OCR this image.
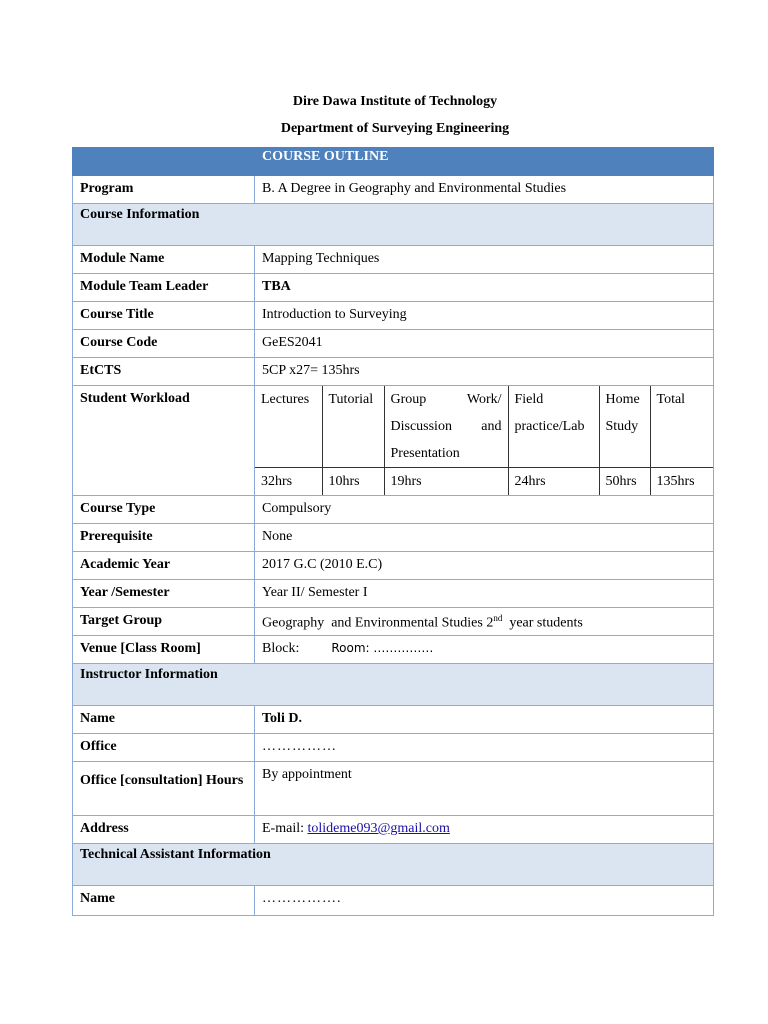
Dire Dawa Institute of Technology
Department of Surveying Engineering
	COURSE OUTLINE
Program	B. A Degree in Geography and Environmental Studies
Course Information
Module Name	Mapping Techniques
Module Team Leader	TBA
Course Title	Introduction to Surveying
Course Code	GeES2041
EtCTS	5CP x27= 135hrs
Student Workload		Lectures	Tutorial	Group Work/ Discussion and Presentation	Field practice/Lab	Home Study	Total
32hrs	10hrs	19hrs	24hrs	50hrs	135hrs

Course Type	Compulsory
Prerequisite	None
Academic Year	2017 G.C (2010 E.C)
Year /Semester	Year II/ Semester I
Target Group	Geography  and Environmental Studies 2nd  year students
Venue [Class Room]	Block:	Room: ……………
Instructor Information
Name	Toli D.
Office	……………
Office [consultation] Hours	By appointment
Address	E-mail: tolideme093@gmail.com
Technical Assistant Information
Name	…………….
